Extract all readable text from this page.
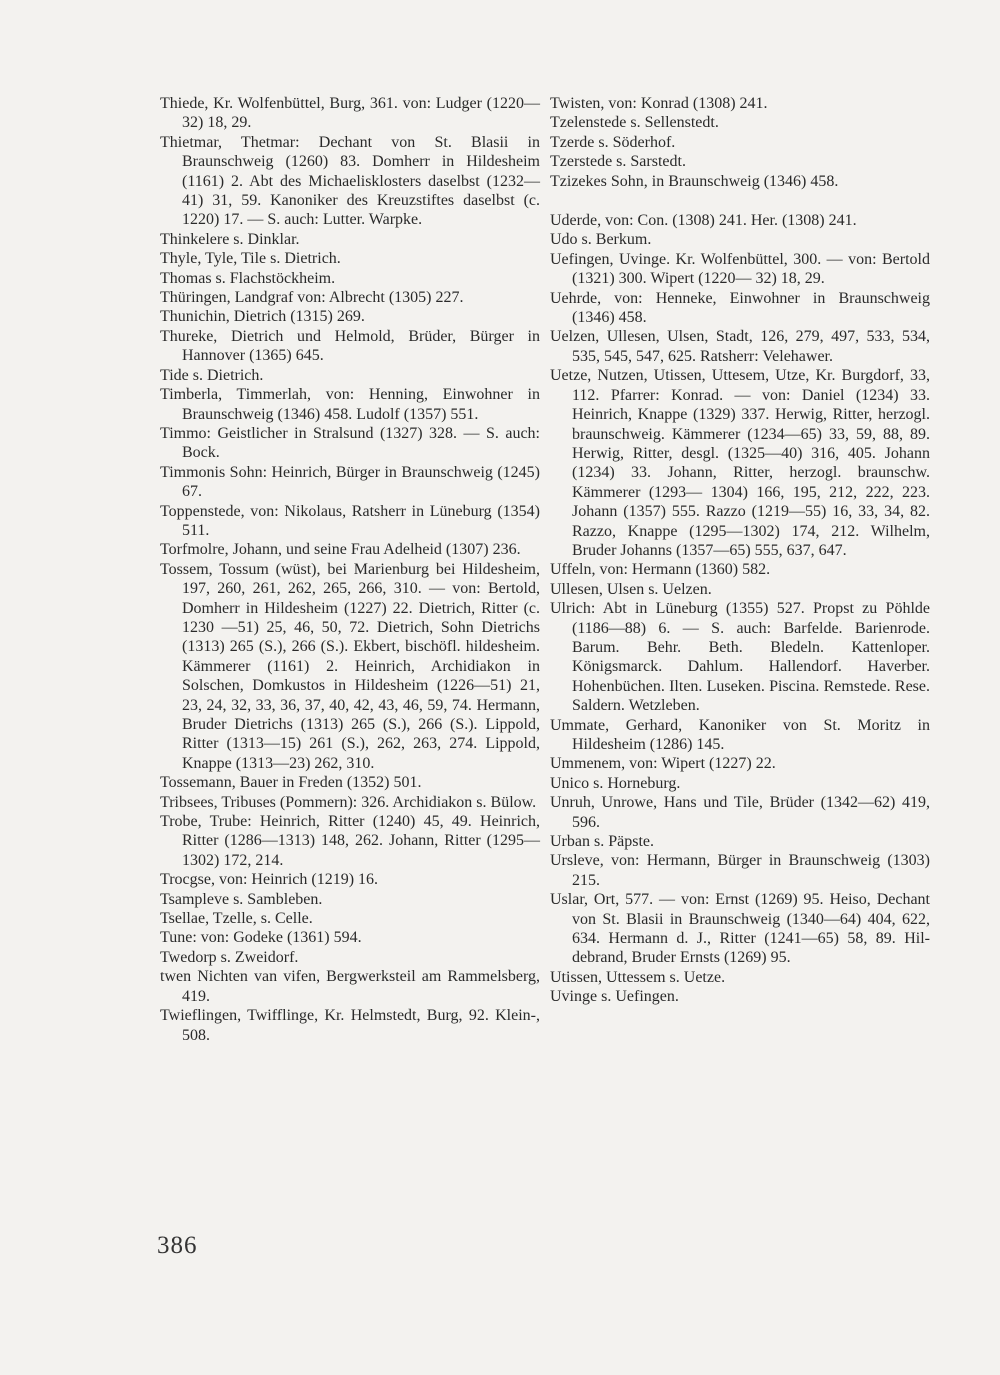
Thiede, Kr. Wolfenbüttel, Burg, 361. von: Ludger (1220—32) 18, 29.
Thietmar, Thetmar: Dechant von St. Blasii in Braunschweig (1260) 83. Domherr in Hildesheim (1161) 2. Abt des Michaelisklosters daselbst (1232—41) 31, 59. Kanoniker des Kreuzstiftes daselbst (c. 1220) 17. — S. auch: Lutter. Warpke.
Thinkelere s. Dinklar.
Thyle, Tyle, Tile s. Dietrich.
Thomas s. Flachstöckheim.
Thüringen, Landgraf von: Albrecht (1305) 227.
Thunichin, Dietrich (1315) 269.
Thureke, Dietrich und Helmold, Brüder, Bürger in Hannover (1365) 645.
Tide s. Dietrich.
Timberla, Timmerlah, von: Henning, Einwohner in Braunschweig (1346) 458. Ludolf (1357) 551.
Timmo: Geistlicher in Stralsund (1327) 328. — S. auch: Bock.
Timmonis Sohn: Heinrich, Bürger in Braunschweig (1245) 67.
Toppenstede, von: Nikolaus, Ratsherr in Lüneburg (1354) 511.
Torfmolre, Johann, und seine Frau Adelheid (1307) 236.
Tossem, Tossum (wüst), bei Marienburg bei Hildesheim, 197, 260, 261, 262, 265, 266, 310. — von: Bertold, Domherr in Hildesheim (1227) 22. Dietrich, Ritter (c. 1230 —51) 25, 46, 50, 72. Dietrich, Sohn Dietrichs (1313) 265 (S.), 266 (S.). Ekbert, bischöfl. hildesheim. Kämmerer (1161) 2. Heinrich, Archidiakon in Solschen, Domkustos in Hildesheim (1226—51) 21, 23, 24, 32, 33, 36, 37, 40, 42, 43, 46, 59, 74. Hermann, Bruder Dietrichs (1313) 265 (S.), 266 (S.). Lippold, Ritter (1313—15) 261 (S.), 262, 263, 274. Lippold, Knappe (1313—23) 262, 310.
Tossemann, Bauer in Freden (1352) 501.
Tribsees, Tribuses (Pommern): 326. Archidiakon s. Bülow.
Trobe, Trube: Heinrich, Ritter (1240) 45, 49. Heinrich, Ritter (1286—1313) 148, 262. Johann, Ritter (1295—1302) 172, 214.
Trocgse, von: Heinrich (1219) 16.
Tsampleve s. Sambleben.
Tsellae, Tzelle, s. Celle.
Tune: von: Godeke (1361) 594.
Twedorp s. Zweidorf.
twen Nichten van vifen, Bergwerksteil am Rammelsberg, 419.
Twieflingen, Twifflinge, Kr. Helmstedt, Burg, 92. Klein-, 508.
Twisten, von: Konrad (1308) 241.
Tzelenstede s. Sellenstedt.
Tzerde s. Söderhof.
Tzerstede s. Sarstedt.
Tzizekes Sohn, in Braunschweig (1346) 458.
Uderde, von: Con. (1308) 241. Her. (1308) 241.
Udo s. Berkum.
Uefingen, Uvinge. Kr. Wolfenbüttel, 300. — von: Bertold (1321) 300. Wipert (1220— 32) 18, 29.
Uehrde, von: Henneke, Einwohner in Braunschweig (1346) 458.
Uelzen, Ullesen, Ulsen, Stadt, 126, 279, 497, 533, 534, 535, 545, 547, 625. Ratsherr: Velehawer.
Uetze, Nutzen, Utissen, Uttesem, Utze, Kr. Burgdorf, 33, 112. Pfarrer: Konrad. — von: Daniel (1234) 33. Heinrich, Knappe (1329) 337. Herwig, Ritter, herzogl. braunschweig. Kämmerer (1234—65) 33, 59, 88, 89. Herwig, Ritter, desgl. (1325—40) 316, 405. Johann (1234) 33. Johann, Ritter, herzogl. braunschw. Kämmerer (1293— 1304) 166, 195, 212, 222, 223. Johann (1357) 555. Razzo (1219—55) 16, 33, 34, 82. Razzo, Knappe (1295—1302) 174, 212. Wilhelm, Bruder Johanns (1357—65) 555, 637, 647.
Uffeln, von: Hermann (1360) 582.
Ullesen, Ulsen s. Uelzen.
Ulrich: Abt in Lüneburg (1355) 527. Propst zu Pöhlde (1186—88) 6. — S. auch: Barfelde. Barienrode. Barum. Behr. Beth. Bledeln. Kattenloper. Königsmarck. Dahlum. Hallendorf. Haverber. Hohenbüchen. Ilten. Luseken. Piscina. Remstede. Rese. Saldern. Wetzleben.
Ummate, Gerhard, Kanoniker von St. Moritz in Hildesheim (1286) 145.
Ummenem, von: Wipert (1227) 22.
Unico s. Horneburg.
Unruh, Unrowe, Hans und Tile, Brüder (1342—62) 419, 596.
Urban s. Päpste.
Ursleve, von: Hermann, Bürger in Braunschweig (1303) 215.
Uslar, Ort, 577. — von: Ernst (1269) 95. Heiso, Dechant von St. Blasii in Braunschweig (1340—64) 404, 622, 634. Hermann d. J., Ritter (1241—65) 58, 89. Hildebrand, Bruder Ernsts (1269) 95.
Utissen, Uttessem s. Uetze.
Uvinge s. Uefingen.
386
